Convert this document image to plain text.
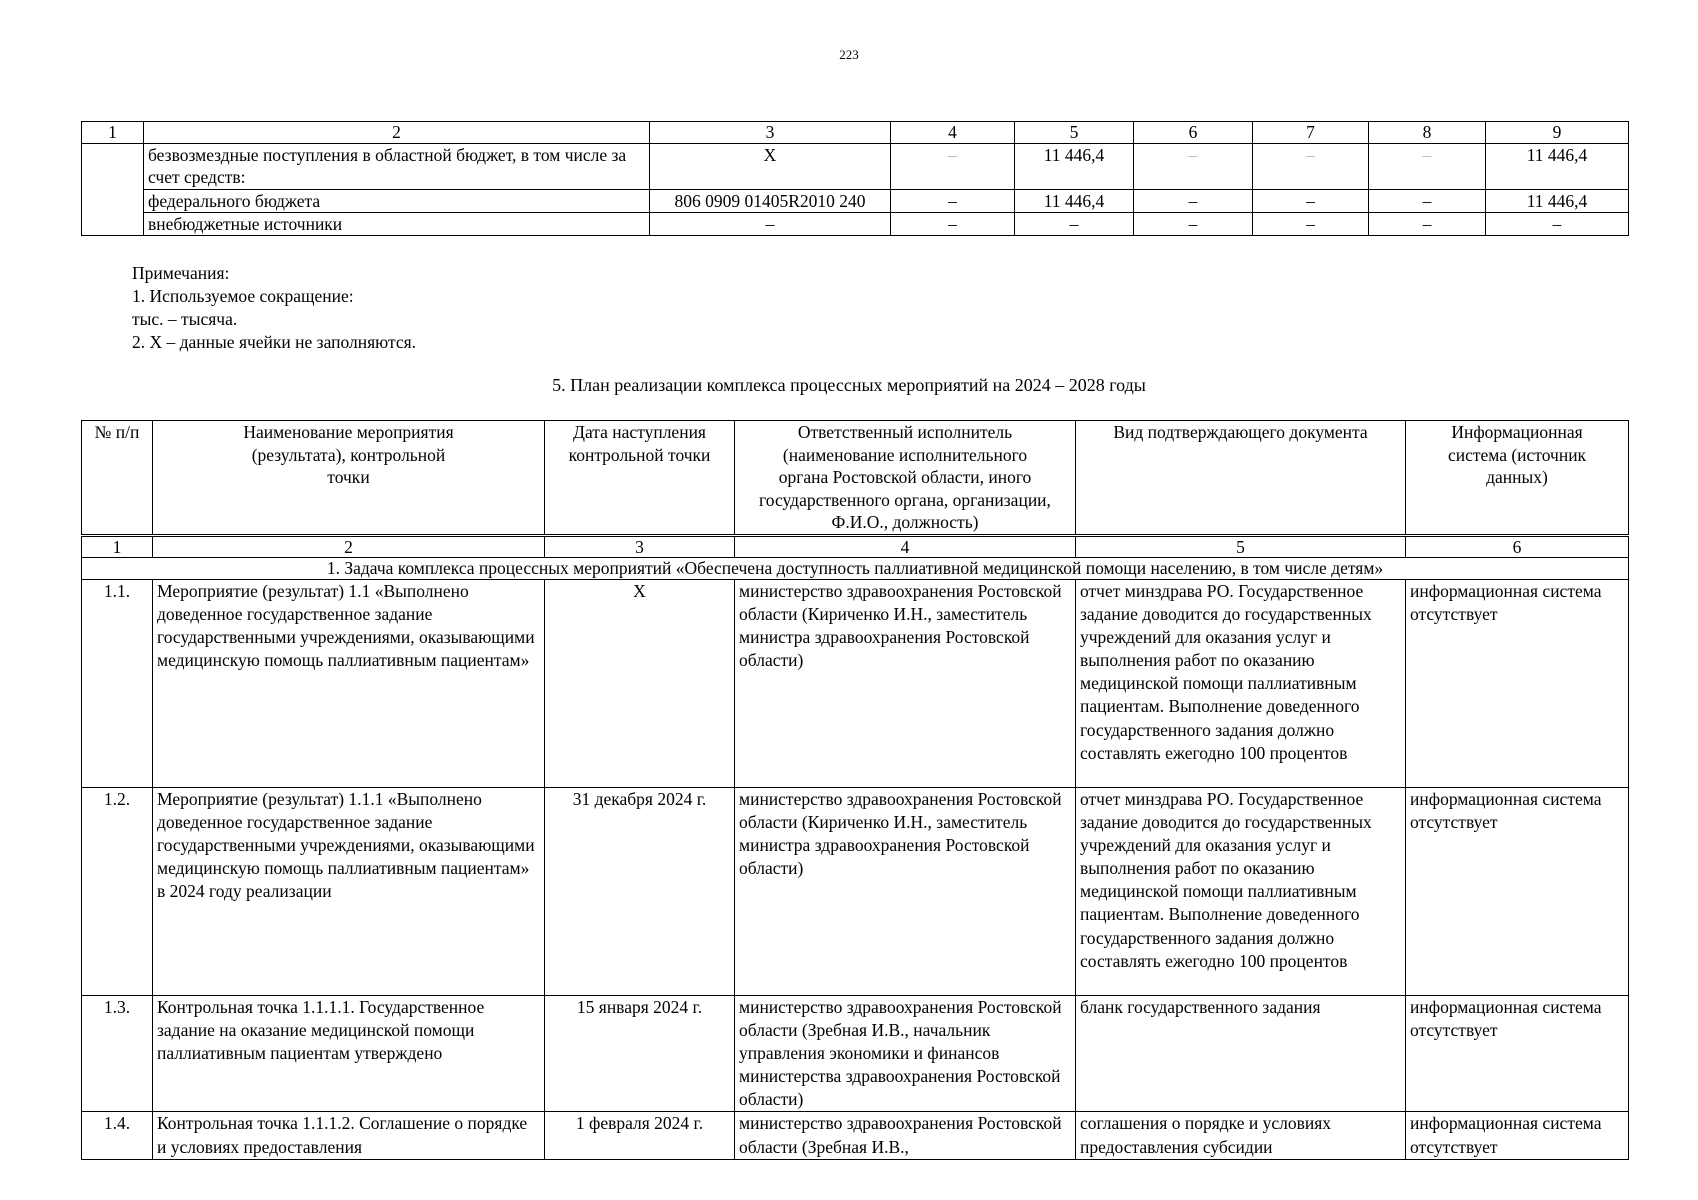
223
1	2	3	4	5	6	7	8	9
	безвозмездные поступления в областной бюджет, в том числе за счет средств:	X	–	11 446,4	–	–	–	11 446,4
	федерального бюджета	806 0909 01405R2010 240	–	11 446,4	–	–	–	11 446,4
	внебюджетные источники	–	–	–	–	–	–	–
Примечания:
1. Используемое сокращение:
тыс. – тысяча.
2. X – данные ячейки не заполняются.
5. План реализации комплекса процессных мероприятий на 2024 – 2028 годы
№ п/п	Наименование мероприятия (результата), контрольной точки	Дата наступления контрольной точки	Ответственный исполнитель (наименование исполнительного органа Ростовской области, иного государственного органа, организации, Ф.И.О., должность)	Вид подтверждающего документа	Информационная система (источник данных)
1	2	3	4	5	6
1. Задача комплекса процессных мероприятий «Обеспечена доступность паллиативной медицинской помощи населению, в том числе детям»					
1.1.	Мероприятие (результат) 1.1 «Выполнено доведенное государственное задание государственными учреждениями, оказывающими медицинскую помощь паллиативным пациентам»	X	министерство здравоохранения Ростовской области (Кириченко И.Н., заместитель министра здравоохранения Ростовской области)	отчет минздрава РО. Государственное задание доводится до государственных учреждений для оказания услуг и выполнения работ по оказанию медицинской помощи паллиативным пациентам. Выполнение доведенного государственного задания должно составлять ежегодно 100 процентов	информационная система отсутствует
1.2.	Мероприятие (результат) 1.1.1 «Выполнено доведенное государственное задание государственными учреждениями, оказывающими медицинскую помощь паллиативным пациентам» в 2024 году реализации	31 декабря 2024 г.	министерство здравоохранения Ростовской области (Кириченко И.Н., заместитель министра здравоохранения Ростовской области)	отчет минздрава РО. Государственное задание доводится до государственных учреждений для оказания услуг и выполнения работ по оказанию медицинской помощи паллиативным пациентам. Выполнение доведенного государственного задания должно составлять ежегодно 100 процентов	информационная система отсутствует
1.3.	Контрольная точка 1.1.1.1. Государственное задание на оказание медицинской помощи паллиативным пациентам утверждено	15 января 2024 г.	министерство здравоохранения Ростовской области (Зребная И.В., начальник управления экономики и финансов министерства здравоохранения Ростовской области)	бланк государственного задания	информационная система отсутствует
1.4.	Контрольная точка 1.1.1.2. Соглашение о порядке и условиях предоставления	1 февраля 2024 г.	министерство здравоохранения Ростовской области (Зребная И.В.,	соглашения о порядке и условиях предоставления субсидии	информационная система отсутствует
